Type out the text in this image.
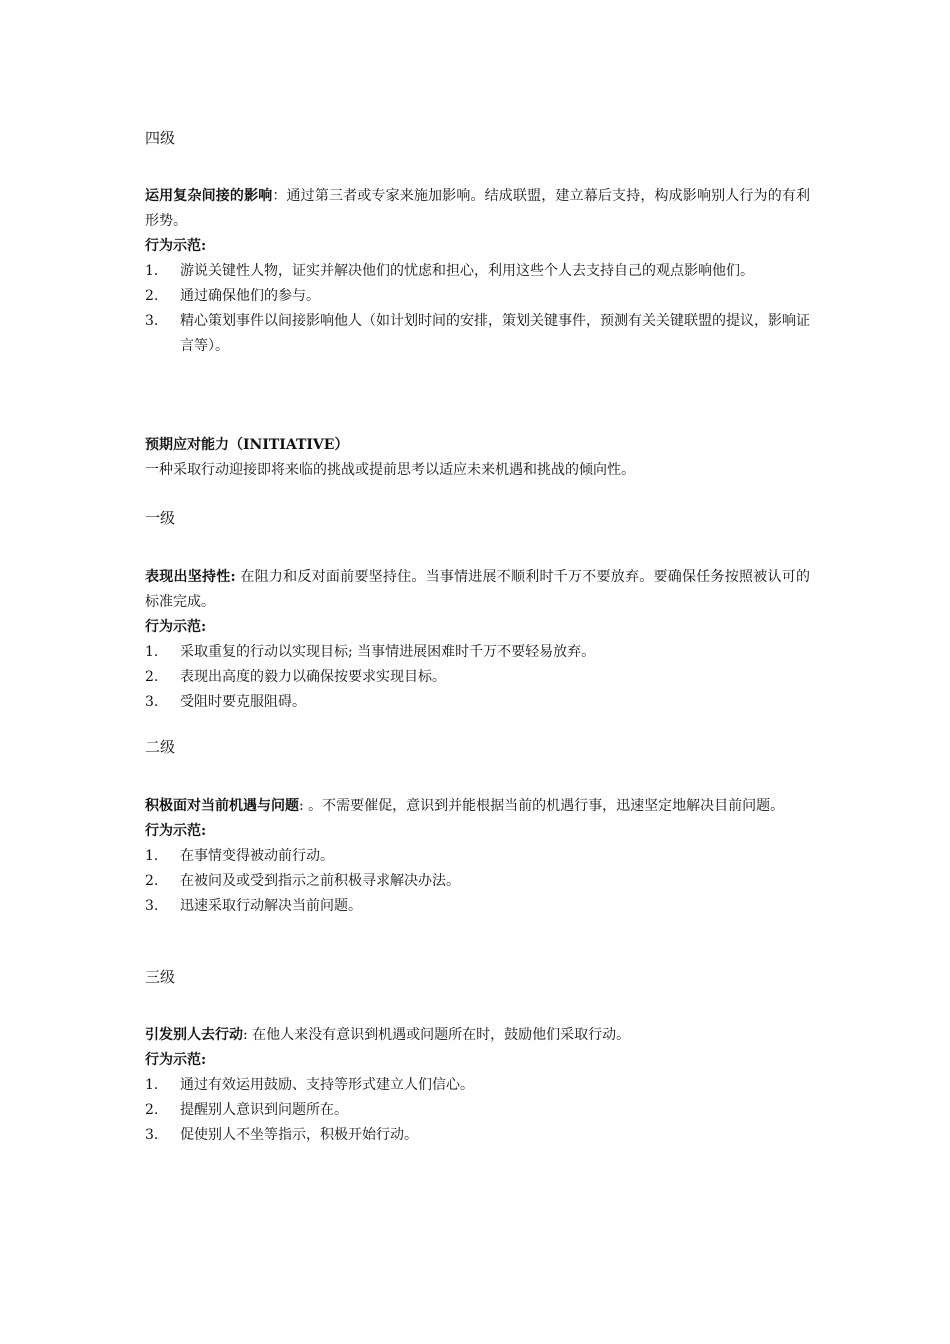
四级
运用复杂间接的影响：通过第三者或专家来施加影响。结成联盟，建立幕后支持，构成影响别人行为的有利形势。
行为示范:
1. 游说关键性人物，证实并解决他们的忧虑和担心，利用这些个人去支持自己的观点影响他们。
2. 通过确保他们的参与。
3. 精心策划事件以间接影响他人（如计划时间的安排，策划关键事件，预测有关关键联盟的提议，影响证言等）。
预期应对能力（INITIATIVE）
一种采取行动迎接即将来临的挑战或提前思考以适应未来机遇和挑战的倾向性。
一级
表现出坚持性: 在阻力和反对面前要坚持住。当事情进展不顺利时千万不要放弃。要确保任务按照被认可的标准完成。
行为示范:
1. 采取重复的行动以实现目标; 当事情进展困难时千万不要轻易放弃。
2. 表现出高度的毅力以确保按要求实现目标。
3. 受阻时要克服阻碍。
二级
积极面对当前机遇与问题: 。不需要催促，意识到并能根据当前的机遇行事，迅速坚定地解决目前问题。
行为示范:
1. 在事情变得被动前行动。
2. 在被问及或受到指示之前积极寻求解决办法。
3. 迅速采取行动解决当前问题。
三级
引发别人去行动: 在他人来没有意识到机遇或问题所在时，鼓励他们采取行动。
行为示范:
1. 通过有效运用鼓励、支持等形式建立人们信心。
2. 提醒别人意识到问题所在。
3. 促使别人不坐等指示，积极开始行动。
